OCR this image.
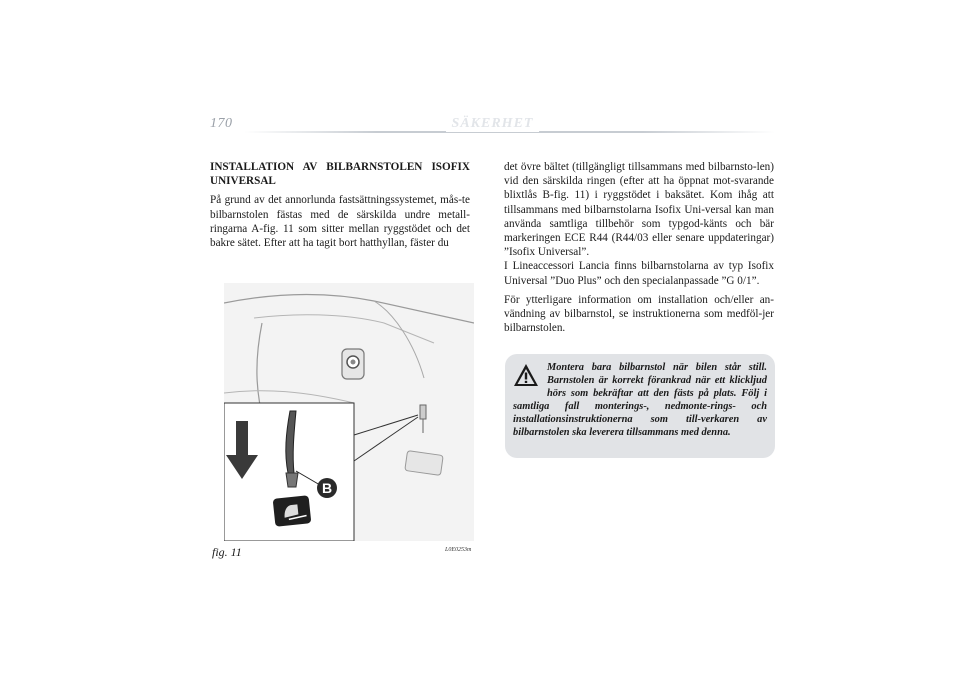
170	SÄKERHET
INSTALLATION AV BILBARNSTOLEN ISOFIX UNIVERSAL

På grund av det annorlunda fastsättningssystemet, mås-te bilbarnstolen fästas med de särskilda undre metall-ringarna A-fig. 11 som sitter mellan ryggstödet och det bakre sätet. Efter att ha tagit bort hatthyllan, fäster du

det övre bältet (tillgängligt tillsammans med bilbarnsto-len) vid den särskilda ringen (efter att ha öppnat mot-svarande blixtlås B-fig. 11) i ryggstödet i baksätet. Kom ihåg att tillsammans med bilbarnstolarna Isofix Uni-versal kan man använda samtliga tillbehör som typgod-känts och bär markeringen ECE R44 (R44/03 eller senare uppdateringar) ”Isofix Universal”.

I Lineaccessori Lancia finns bilbarnstolarna av typ Isofix Universal ”Duo Plus” och den specialanpassade ”G 0/1”.

För ytterligare information om installation och/eller an-vändning av bilbarnstol, se instruktionerna som medföl-jer bilbarnstolen.

B
fig. 11	L0E0253m
Montera bara bilbarnstol när bilen står still. Barnstolen är korrekt förankrad när ett klickljud hörs som bekräftar att den fästs på plats. Följ i samtliga fall monterings-, nedmonte-rings- och installationsinstruktionerna som till-verkaren av bilbarnstolen ska leverera tillsammans med denna.
